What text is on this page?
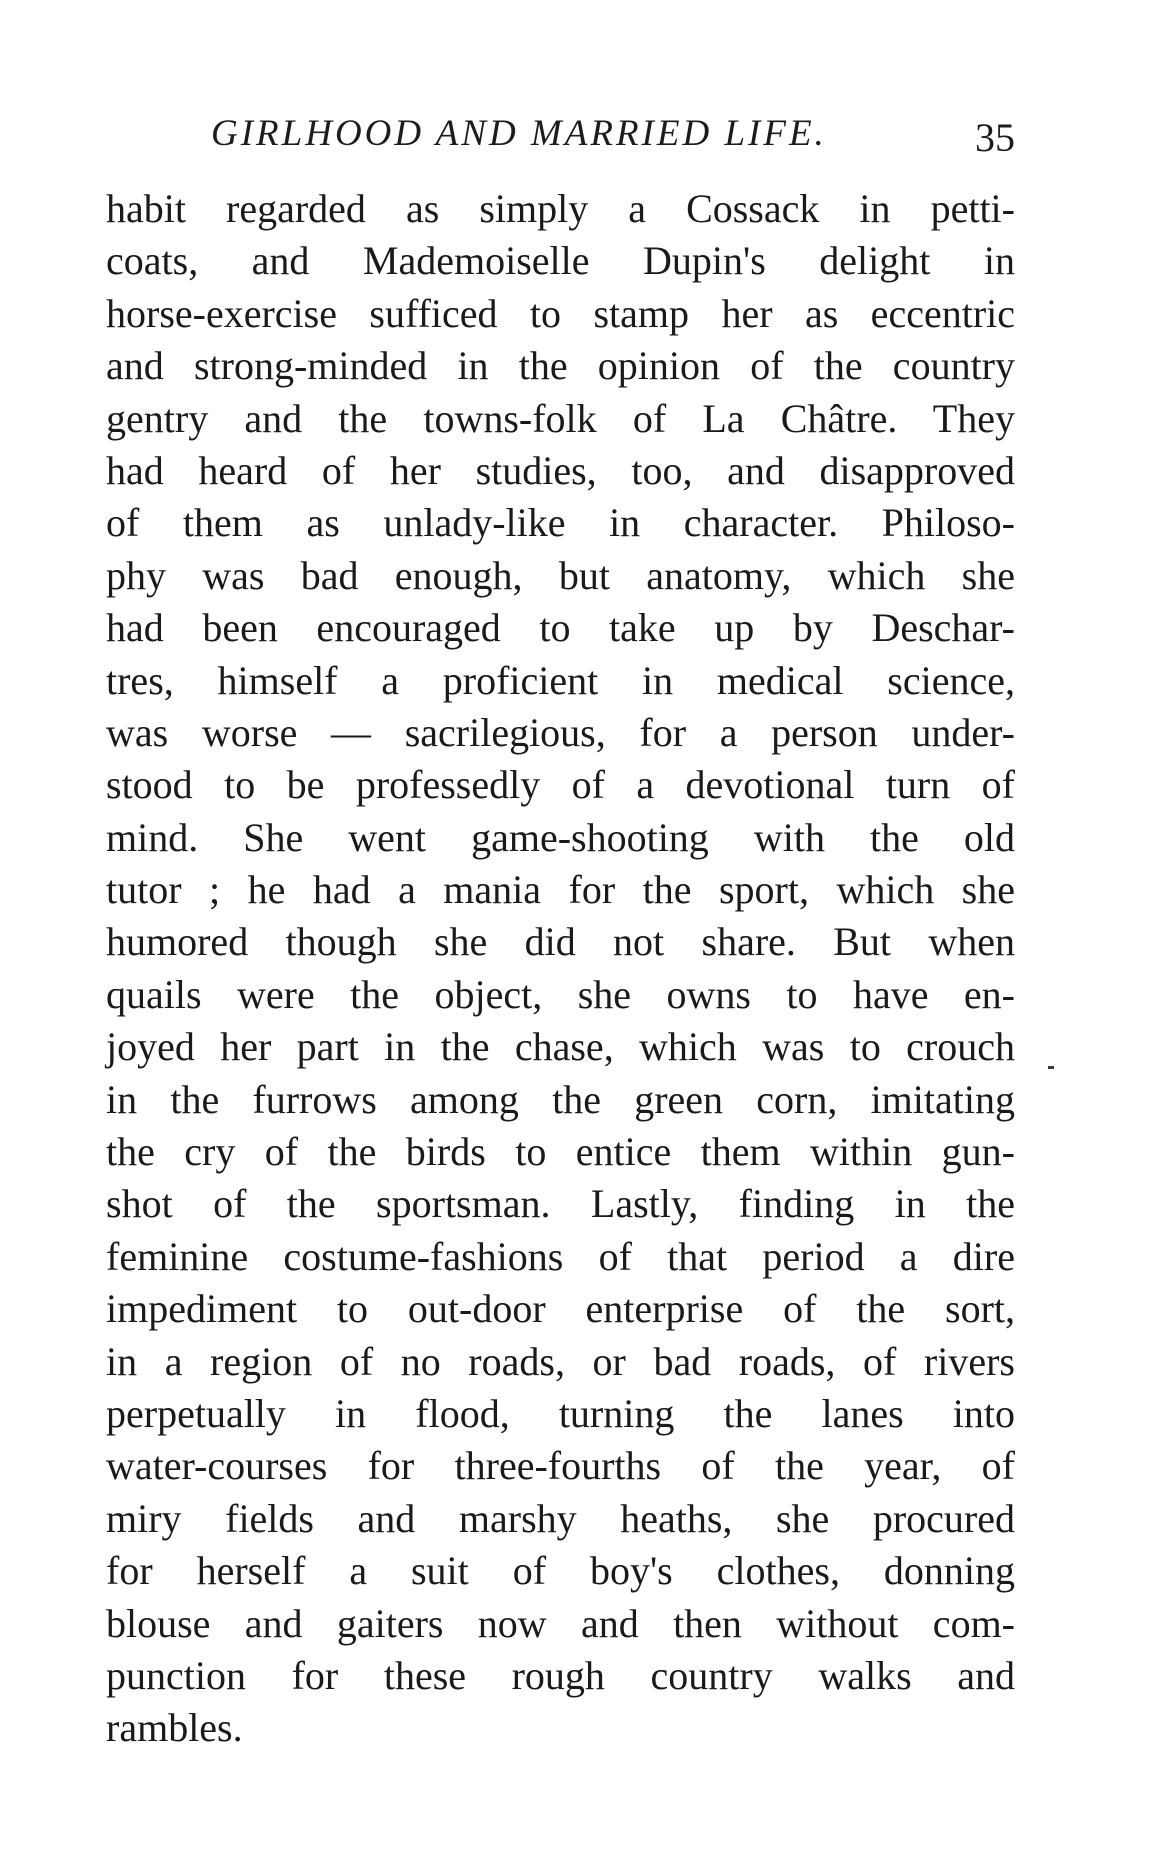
GIRLHOOD AND MARRIED LIFE.	35
habit regarded as simply a Cossack in petti-
coats, and Mademoiselle Dupin's delight in
horse-exercise sufficed to stamp her as eccentric
and strong-minded in the opinion of the country
gentry and the towns-folk of La Châtre. They
had heard of her studies, too, and disapproved
of them as unlady-like in character. Philoso-
phy was bad enough, but anatomy, which she
had been encouraged to take up by Deschar-
tres, himself a proficient in medical science,
was worse — sacrilegious, for a person under-
stood to be professedly of a devotional turn of
mind. She went game-shooting with the old
tutor ; he had a mania for the sport, which she
humored though she did not share. But when
quails were the object, she owns to have en-
joyed her part in the chase, which was to crouch
in the furrows among the green corn, imitating
the cry of the birds to entice them within gun-
shot of the sportsman. Lastly, finding in the
feminine costume-fashions of that period a dire
impediment to out-door enterprise of the sort,
in a region of no roads, or bad roads, of rivers
perpetually in flood, turning the lanes into
water-courses for three-fourths of the year, of
miry fields and marshy heaths, she procured
for herself a suit of boy's clothes, donning
blouse and gaiters now and then without com-
punction for these rough country walks and
rambles.
